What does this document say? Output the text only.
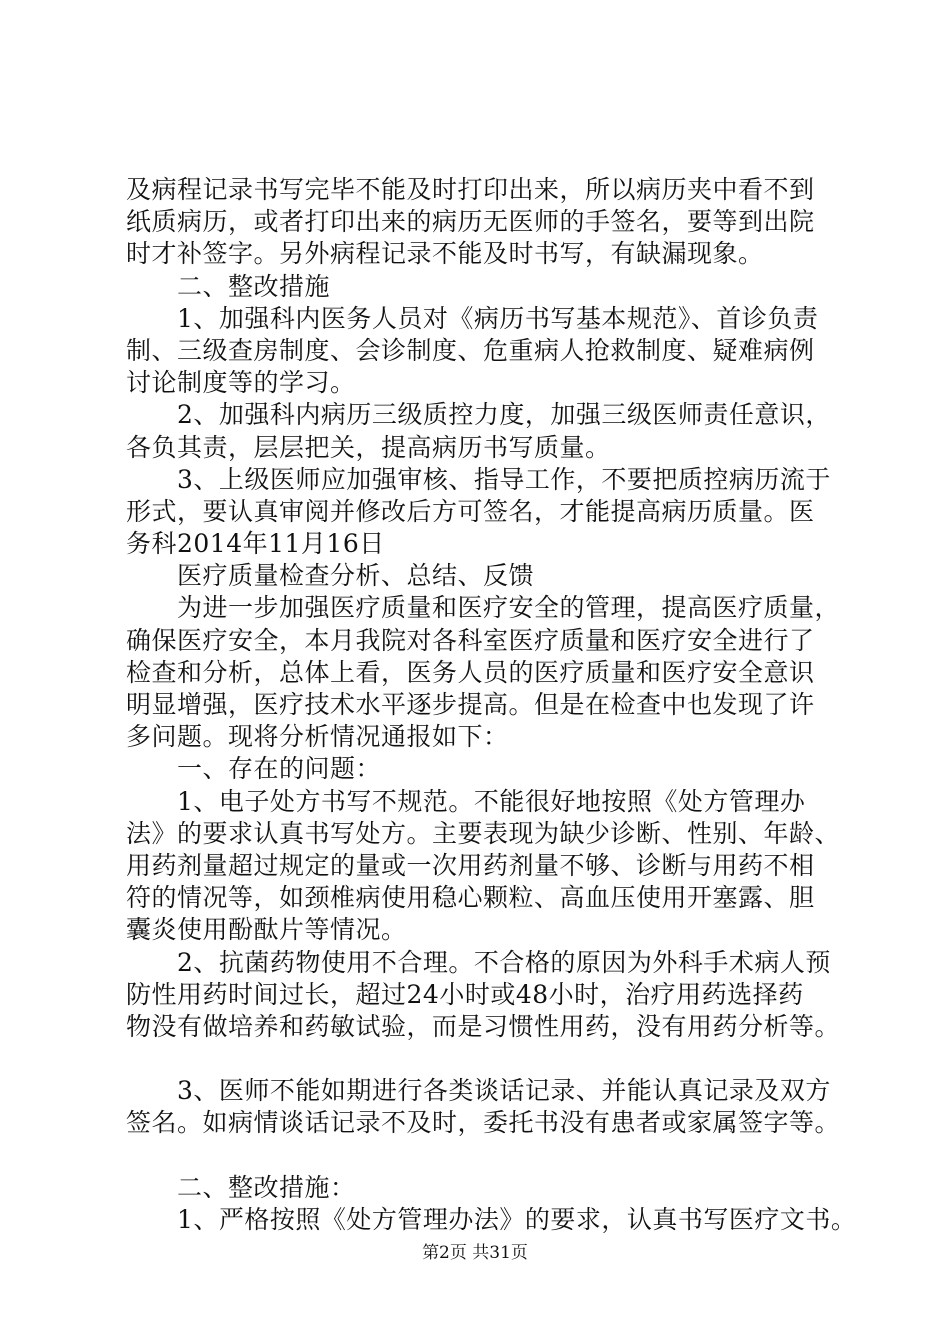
及病程记录书写完毕不能及时打印出来，所以病历夹中看不到
纸质病历，或者打印出来的病历无医师的手签名，要等到出院
时才补签字。另外病程记录不能及时书写，有缺漏现象。
　　二、整改措施
　　1、加强科内医务人员对《病历书写基本规范》、首诊负责
制、三级查房制度、会诊制度、危重病人抢救制度、疑难病例
讨论制度等的学习。
　　2、加强科内病历三级质控力度，加强三级医师责任意识，
各负其责，层层把关，提高病历书写质量。
　　3、上级医师应加强审核、指导工作，不要把质控病历流于
形式，要认真审阅并修改后方可签名，才能提高病历质量。医
务科2014年11月16日
　　医疗质量检查分析、总结、反馈
　　为进一步加强医疗质量和医疗安全的管理，提高医疗质量，
确保医疗安全，本月我院对各科室医疗质量和医疗安全进行了
检查和分析，总体上看，医务人员的医疗质量和医疗安全意识
明显增强，医疗技术水平逐步提高。但是在检查中也发现了许
多问题。现将分析情况通报如下：
　　一、存在的问题：
　　1、电子处方书写不规范。不能很好地按照《处方管理办
法》的要求认真书写处方。主要表现为缺少诊断、性别、年龄、
用药剂量超过规定的量或一次用药剂量不够、诊断与用药不相
符的情况等，如颈椎病使用稳心颗粒、高血压使用开塞露、胆
囊炎使用酚酞片等情况。
　　2、抗菌药物使用不合理。不合格的原因为外科手术病人预
防性用药时间过长，超过24小时或48小时，治疗用药选择药
物没有做培养和药敏试验，而是习惯性用药，没有用药分析等。
　　3、医师不能如期进行各类谈话记录、并能认真记录及双方
签名。如病情谈话记录不及时，委托书没有患者或家属签字等。
　　二、整改措施：
　　1、严格按照《处方管理办法》的要求，认真书写医疗文书。
第2页 共31页
